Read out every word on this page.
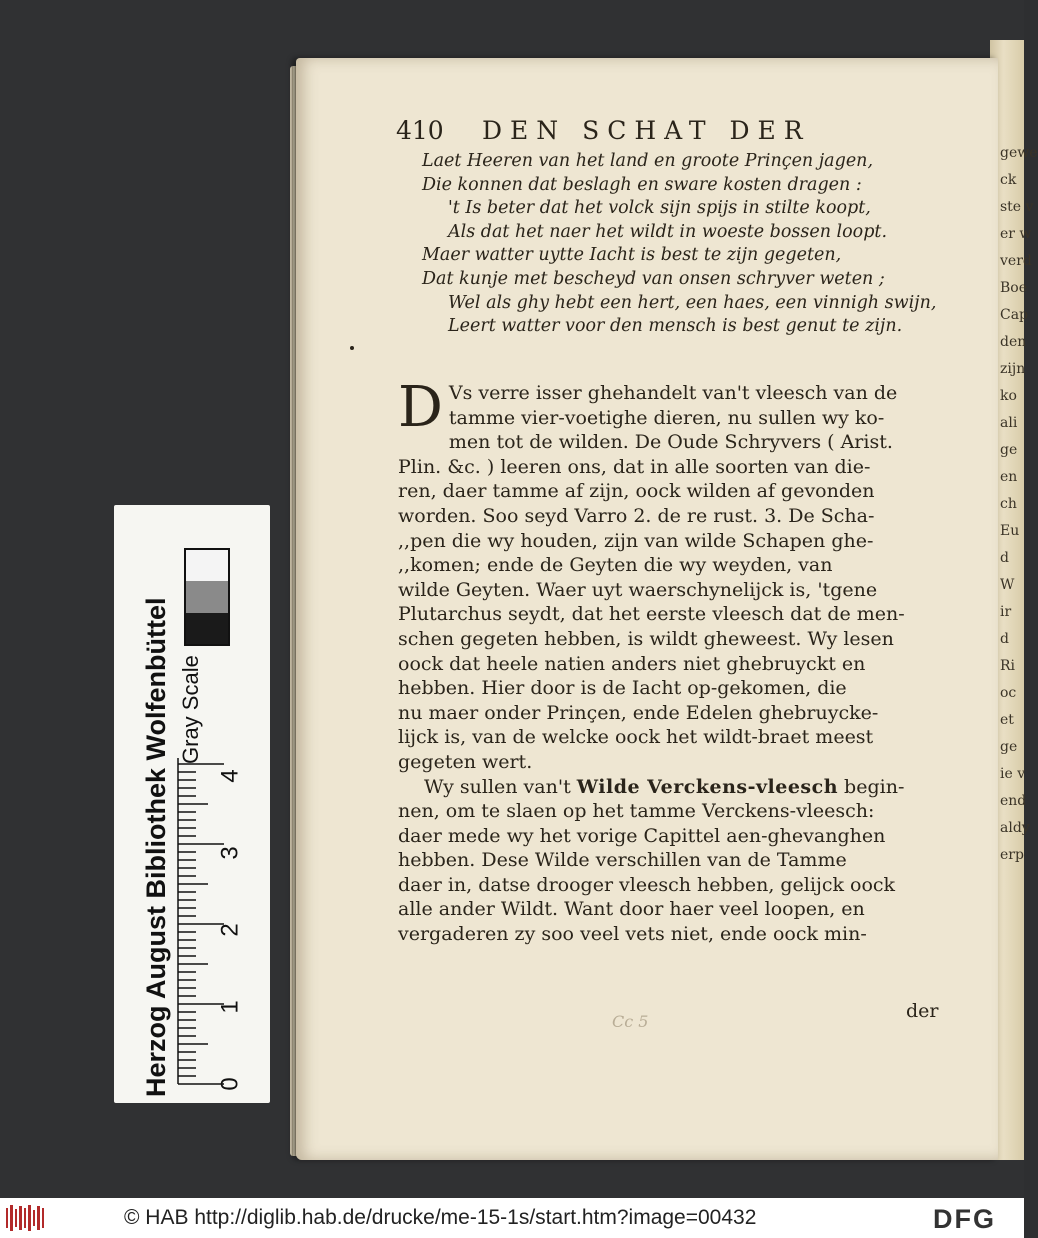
gewe
ck
ste v
er w
verd
Boe
Cap
den
zijn
ko
ali
ge
en
ch
Eu
d
W
ir
d
Ri
oc
et
ge
ie v
end
aldy
erp
410 DEN SCHAT DER
Laet Heeren van het land en groote Prinçen jagen,
Die konnen dat beslagh en sware kosten dragen :
't Is beter dat het volck sijn spijs in stilte koopt,
Als dat het naer het wildt in woeste bossen loopt.
Maer watter uytte Iacht is best te zijn gegeten,
Dat kunje met bescheyd van onsen schryver weten ;
Wel als ghy hebt een hert, een haes, een vinnigh swijn,
Leert watter voor den mensch is best genut te zijn.
D Vs verre isser ghehandelt van't vleesch van de
tamme vier-voetighe dieren, nu sullen wy ko-
men tot de wilden. De Oude Schryvers ( Arist.
Plin. &c. ) leeren ons, dat in alle soorten van die-
ren, daer tamme af zijn, oock wilden af gevonden
worden. Soo seyd Varro 2. de re rust. 3. De Scha-
,,pen die wy houden, zijn van wilde Schapen ghe-
,,komen; ende de Geyten die wy weyden, van
wilde Geyten. Waer uyt waerschynelijck is, 'tgene
Plutarchus seydt, dat het eerste vleesch dat de men-
schen gegeten hebben, is wildt gheweest. Wy lesen
oock dat heele natien anders niet ghebruyckt en
hebben. Hier door is de Iacht op-gekomen, die
nu maer onder Prinçen, ende Edelen ghebruycke-
lijck is, van de welcke oock het wildt-braet meest
gegeten wert.
Wy sullen van't Wilde Verckens-vleesch begin-
nen, om te slaen op het tamme Verckens-vleesch:
daer mede wy het vorige Capittel aen-ghevanghen
hebben. Dese Wilde verschillen van de Tamme
daer in, datse drooger vleesch hebben, gelijck oock
alle ander Wildt. Want door haer veel loopen, en
vergaderen zy soo veel vets niet, ende oock min-
Cc 5	der
Herzog August Bibliothek Wolfenbüttel Gray Scale
0
1
2
3
4
© HAB http://diglib.hab.de/drucke/me-15-1s/start.htm?image=00432	DFG
